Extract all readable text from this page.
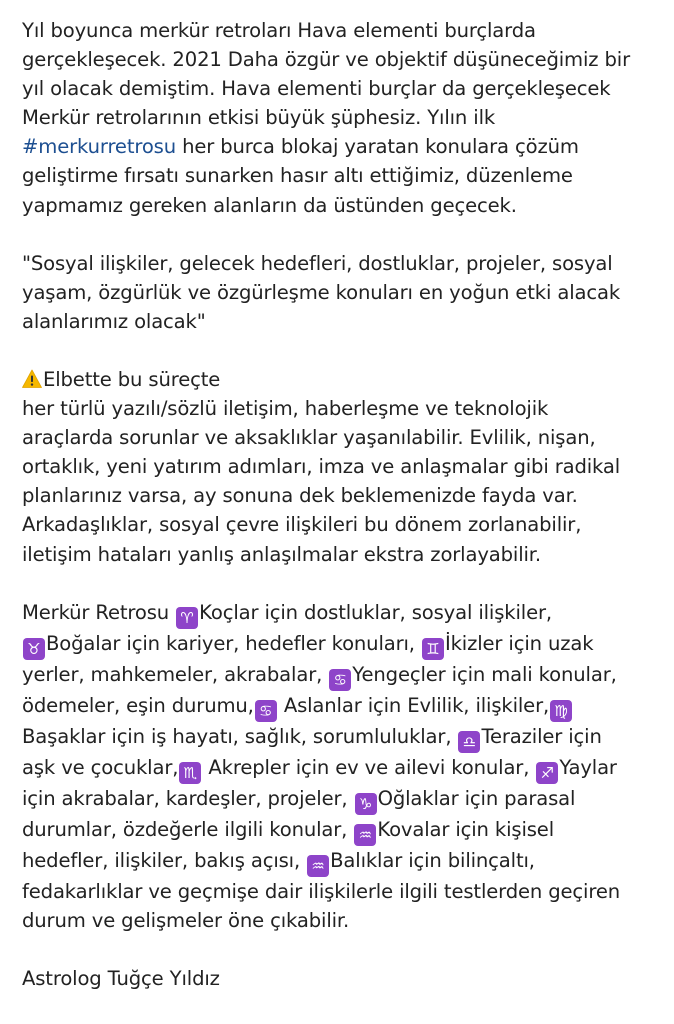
Yıl boyunca merkür retroları Hava elementi burçlarda
gerçekleşecek. 2021 Daha özgür ve objektif düşüneceğimiz bir
yıl olacak demiştim. Hava elementi burçlar da gerçekleşecek
Merkür retrolarının etkisi büyük şüphesiz. Yılın ilk
#merkurretrosu her burca blokaj yaratan konulara çözüm
geliştirme fırsatı sunarken hasır altı ettiğimiz, düzenleme
yapmamız gereken alanların da üstünden geçecek.
"Sosyal ilişkiler, gelecek hedefleri, dostluklar, projeler, sosyal
yaşam, özgürlük ve özgürleşme konuları en yoğun etki alacak
alanlarımız olacak"
Elbette bu süreçte
her türlü yazılı/sözlü iletişim, haberleşme ve teknolojik
araçlarda sorunlar ve aksaklıklar yaşanılabilir. Evlilik, nişan,
ortaklık, yeni yatırım adımları, imza ve anlaşmalar gibi radikal
planlarınız varsa, ay sonuna dek beklemenizde fayda var.
Arkadaşlıklar, sosyal çevre ilişkileri bu dönem zorlanabilir,
iletişim hataları yanlış anlaşılmalar ekstra zorlayabilir.
Merkür Retrosu ♈ Koçlar için dostluklar, sosyal ilişkiler,
♉ Boğalar için kariyer, hedefler konuları, ♊ İkizler için uzak
yerler, mahkemeler, akrabalar, ♋ Yengeçler için mali konular,
ödemeler, eşin durumu, ♋ Aslanlar için Evlilik, ilişkiler, ♍
Başaklar için iş hayatı, sağlık, sorumluluklar, ♎ Teraziler için
aşk ve çocuklar, ♏ Akrepler için ev ve ailevi konular, ♐ Yaylar
için akrabalar, kardeşler, projeler, ♑ Oğlaklar için parasal
durumlar, özdeğerle ilgili konular, ♒ Kovalar için kişisel
hedefler, ilişkiler, bakış açısı, ♒ Balıklar için bilinçaltı,
fedakarlıklar ve geçmişe dair ilişkilerle ilgili testlerden geçiren
durum ve gelişmeler öne çıkabilir.
Astrolog Tuğçe Yıldız
